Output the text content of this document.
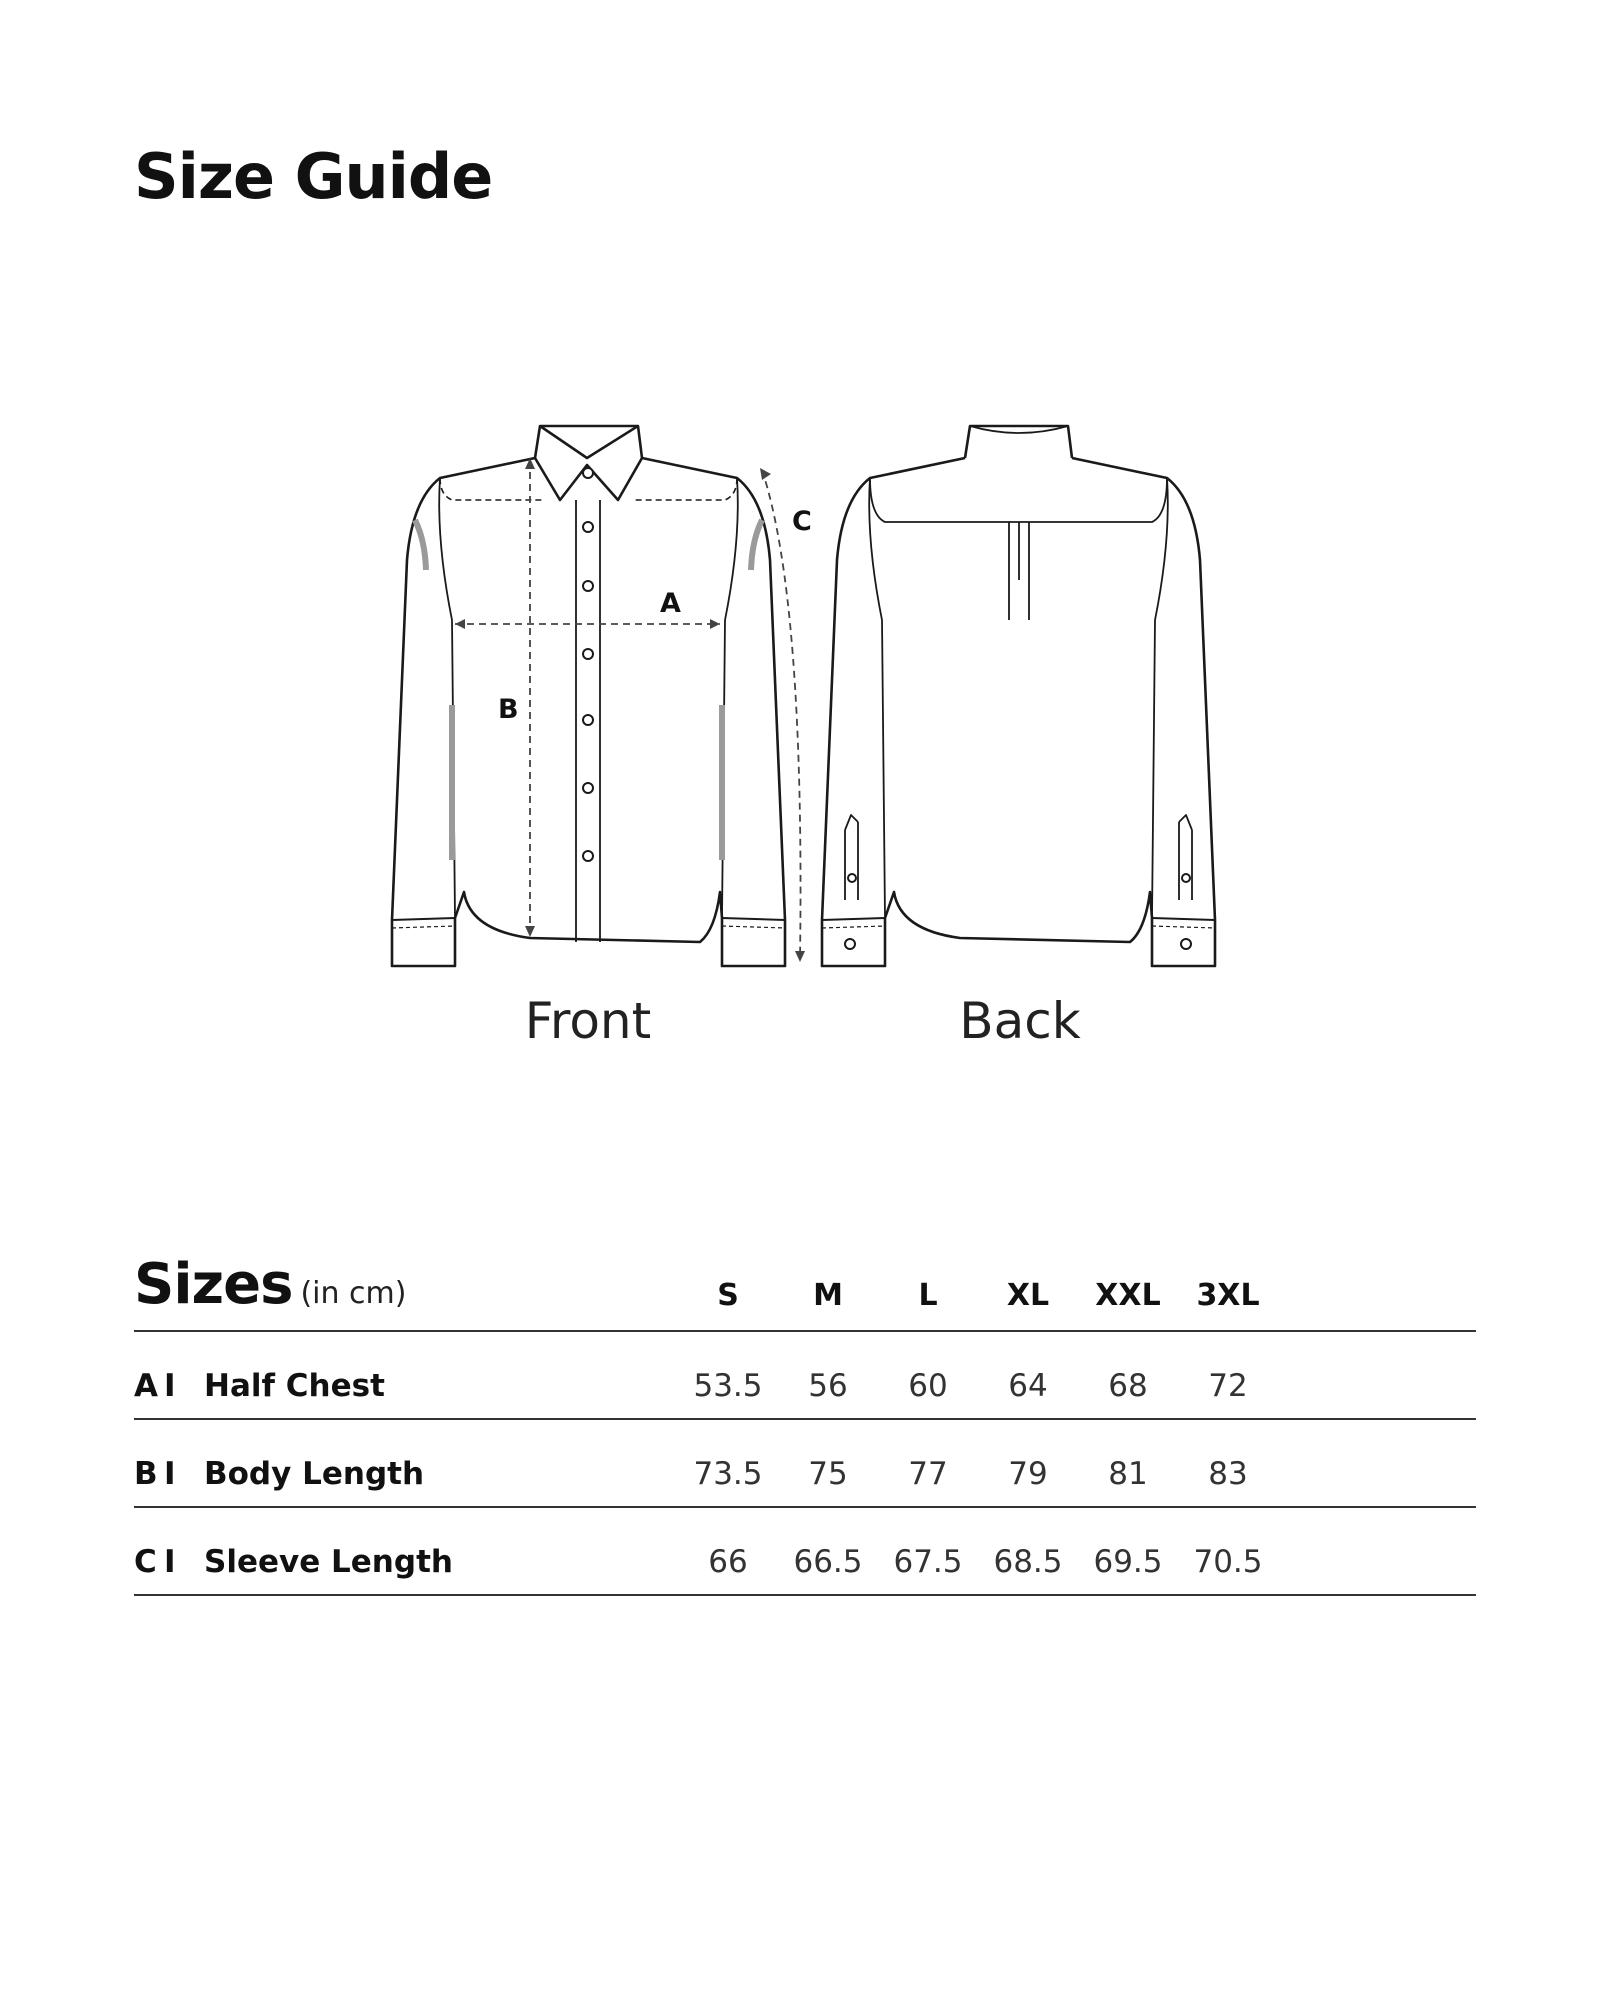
Size Guide
A
B
C
Front	Back
Sizes (in cm)	S M	L XL XXL 3XL
A I Half Chest	53.5 56 60 64 68 72
B I Body Length	73.5 75 77 79 81 83
C I Sleeve Length	66 66.5 67.5 68.5 69.5 70.5
